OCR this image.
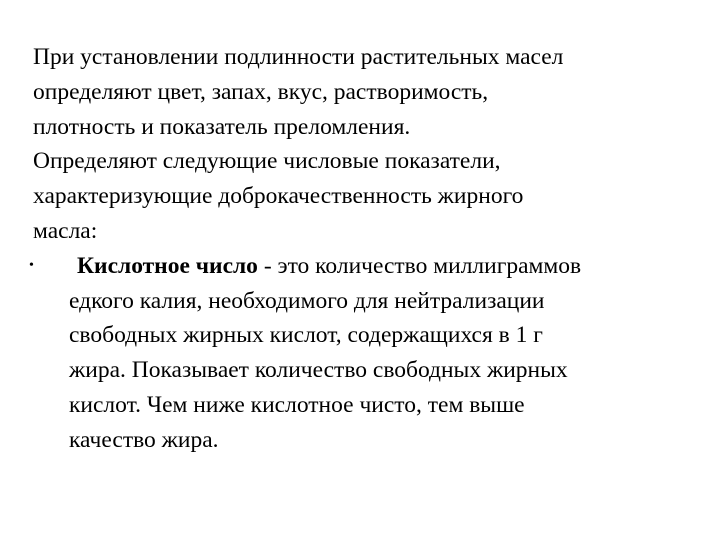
При установлении подлинности растительных масел
определяют цвет, запах, вкус, растворимость,
плотность и показатель преломления.
Определяют следующие числовые показатели,
характеризующие доброкачественность жирного
масла:
• Кислотное число - это количество миллиграммов
едкого калия, необходимого для нейтрализации
свободных жирных кислот, содержащихся в 1 г
жира. Показывает количество свободных жирных
кислот. Чем ниже кислотное чисто, тем выше
качество жира.
